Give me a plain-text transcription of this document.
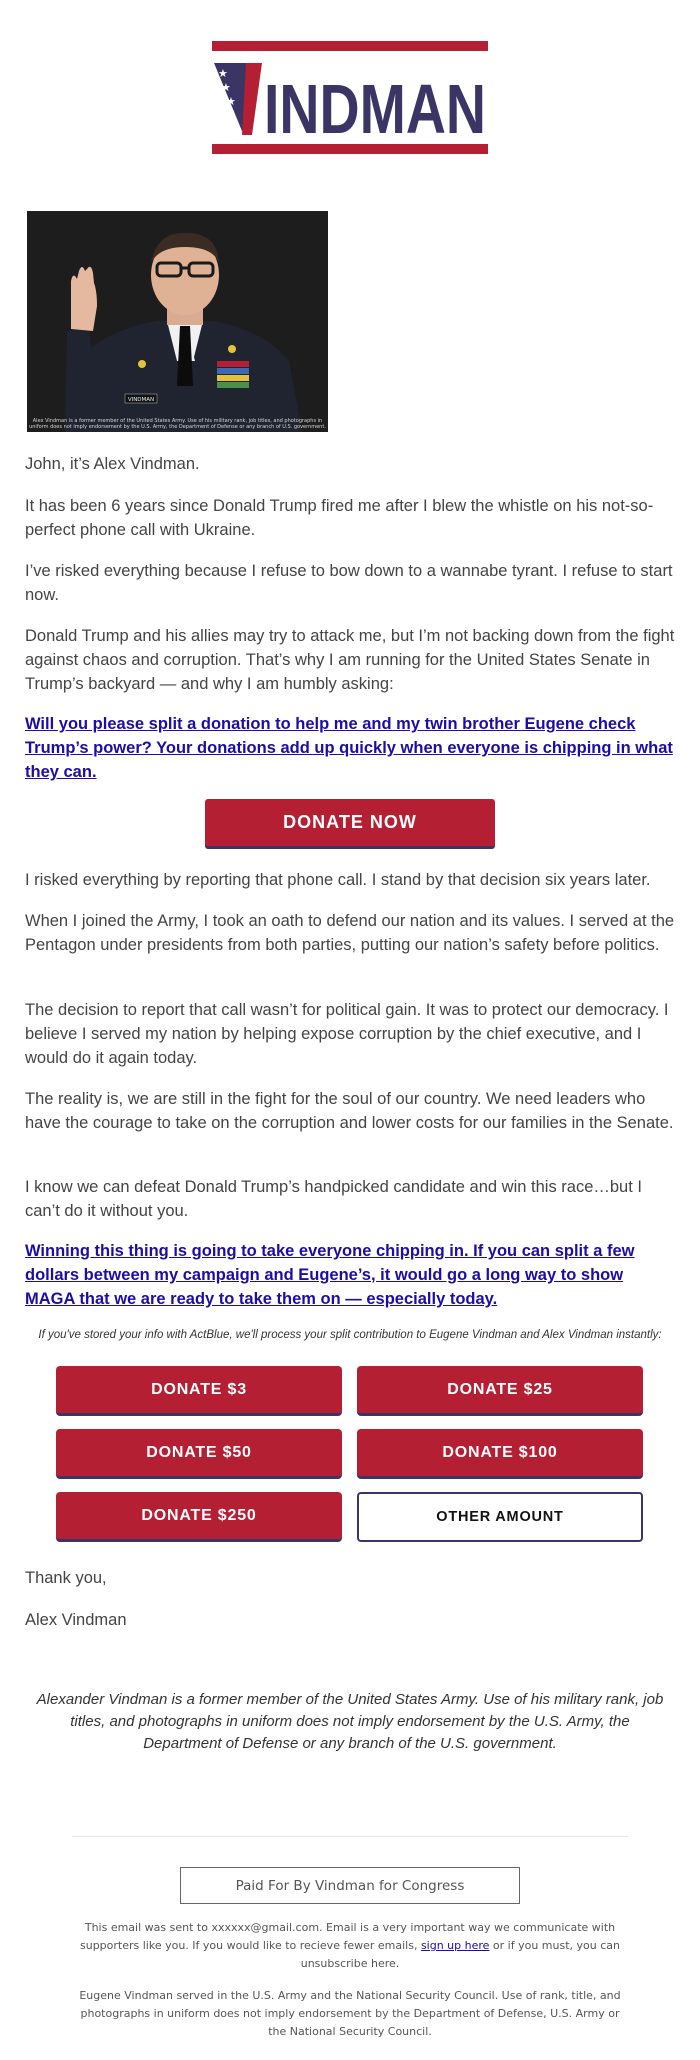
★
★
★ INDMAN
VINDMAN
Alex Vindman is a former member of the United States Army. Use of his military rank, job titles, and photographs in uniform does not imply endorsement by the U.S. Army, the Department of Defense or any branch of U.S. government.

John, it’s Alex Vindman.

It has been 6 years since Donald Trump fired me after I blew the whistle on his not-so-perfect phone call with Ukraine.

I’ve risked everything because I refuse to bow down to a wannabe tyrant. I refuse to start now.

Donald Trump and his allies may try to attack me, but I’m not backing down from the fight against chaos and corruption. That’s why I am running for the United States Senate in Trump’s backyard — and why I am humbly asking:

Will you please split a donation to help me and my twin brother Eugene check Trump’s power? Your donations add up quickly when everyone is chipping in what they can.
DONATE NOW

I risked everything by reporting that phone call. I stand by that decision six years later.

When I joined the Army, I took an oath to defend our nation and its values. I served at the Pentagon under presidents from both parties, putting our nation’s safety before politics.

The decision to report that call wasn’t for political gain. It was to protect our democracy. I believe I served my nation by helping expose corruption by the chief executive, and I would do it again today.

The reality is, we are still in the fight for the soul of our country. We need leaders who have the courage to take on the corruption and lower costs for our families in the Senate.

I know we can defeat Donald Trump’s handpicked candidate and win this race…but I can’t do it without you.

Winning this thing is going to take everyone chipping in. If you can split a few dollars between my campaign and Eugene’s, it would go a long way to show MAGA that we are ready to take them on — especially today.
If you've stored your info with ActBlue, we'll process your split contribution to Eugene Vindman and Alex Vindman instantly:
DONATE $3	DONATE $25
DONATE $50	DONATE $100
DONATE $250	OTHER AMOUNT

Thank you,

Alex Vindman

Alexander Vindman is a former member of the United States Army. Use of his military rank, job titles, and photographs in uniform does not imply endorsement by the U.S. Army, the Department of Defense or any branch of the U.S. government.
Paid For By Vindman for Congress
This email was sent to xxxxxx@gmail.com. Email is a very important way we communicate with supporters like you. If you would like to recieve fewer emails, sign up here or if you must, you can unsubscribe here.
Eugene Vindman served in the U.S. Army and the National Security Council. Use of rank, title, and photographs in uniform does not imply endorsement by the Department of Defense, U.S. Army or the National Security Council.
